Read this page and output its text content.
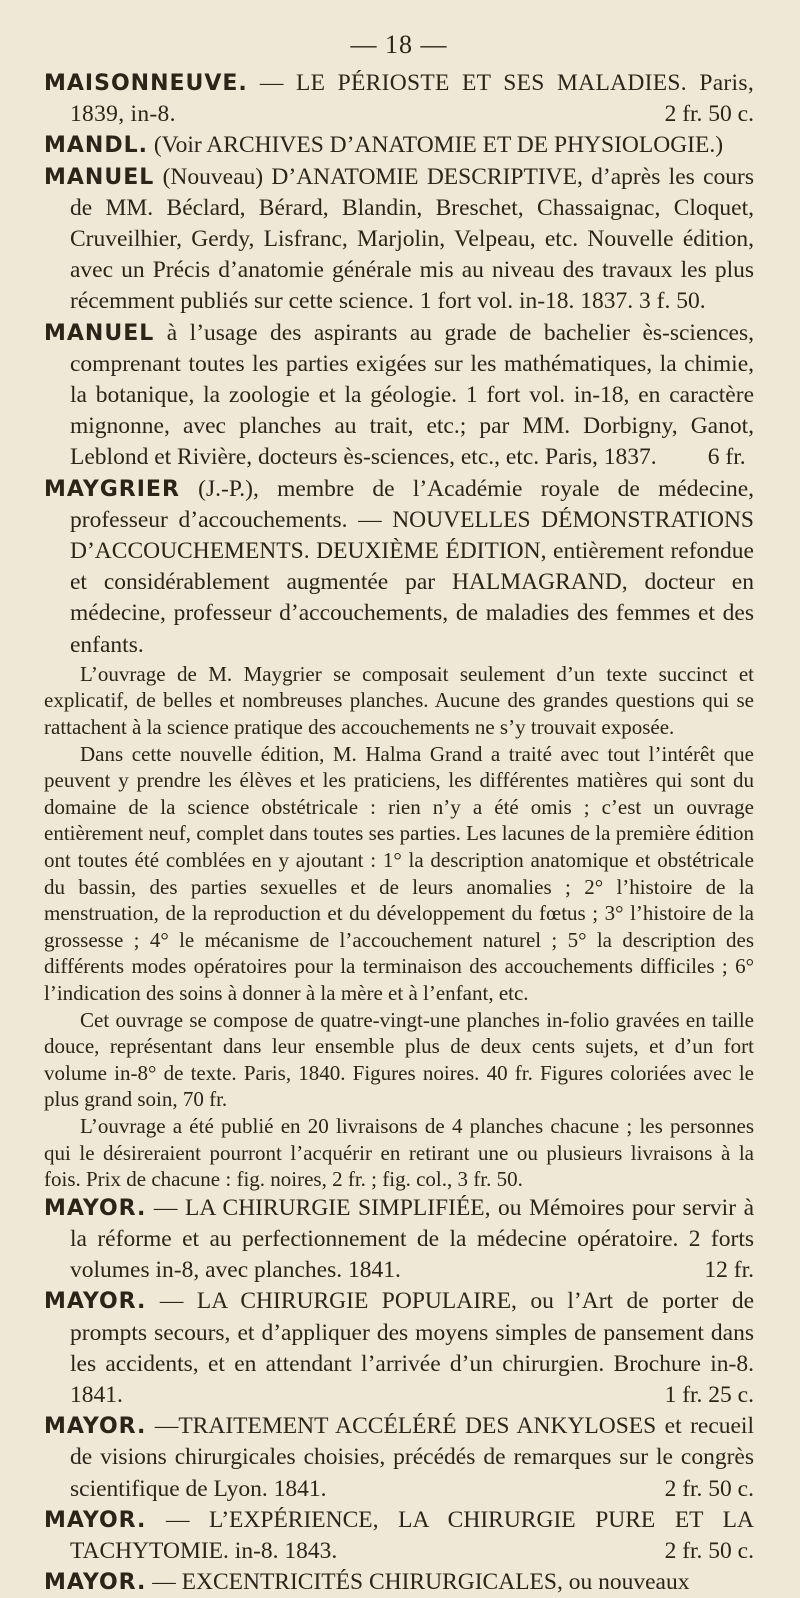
— 18 —

MAISONNEUVE. — LE PÉRIOSTE ET SES MALADIES. Paris, 1839, in-8.	2 fr. 50 c.

MANDL. (Voir ARCHIVES D’ANATOMIE ET DE PHYSIOLOGIE.)

MANUEL (Nouveau) D’ANATOMIE DESCRIPTIVE, d’après les cours de MM. Béclard, Bérard, Blandin, Breschet, Chassaignac, Cloquet, Cruveilhier, Gerdy, Lisfranc, Marjolin, Velpeau, etc. Nouvelle édition, avec un Précis d’anatomie générale mis au niveau des travaux les plus récemment publiés sur cette science. 1 fort vol. in-18. 1837. 3 f. 50.

MANUEL à l’usage des aspirants au grade de bachelier ès-sciences, comprenant toutes les parties exigées sur les mathématiques, la chimie, la botanique, la zoologie et la géologie. 1 fort vol. in-18, en caractère mignonne, avec planches au trait, etc.; par MM. Dorbigny, Ganot, Leblond et Rivière, docteurs ès-sciences, etc., etc. Paris, 1837. 6 fr.

MAYGRIER (J.-P.), membre de l’Académie royale de médecine, professeur d’accouchements. — NOUVELLES DÉMONSTRATIONS D’ACCOUCHEMENTS. DEUXIÈME ÉDITION, entièrement refondue et considérablement augmentée par HALMAGRAND, docteur en médecine, professeur d’accouchements, de maladies des femmes et des enfants.

L’ouvrage de M. Maygrier se composait seulement d’un texte succinct et explicatif, de belles et nombreuses planches. Aucune des grandes questions qui se rattachent à la science pratique des accouchements ne s’y trouvait exposée.

Dans cette nouvelle édition, M. Halma Grand a traité avec tout l’intérêt que peuvent y prendre les élèves et les praticiens, les différentes matières qui sont du domaine de la science obstétricale : rien n’y a été omis ; c’est un ouvrage entièrement neuf, complet dans toutes ses parties. Les lacunes de la première édition ont toutes été comblées en y ajoutant : 1° la description anatomique et obstétricale du bassin, des parties sexuelles et de leurs anomalies ; 2° l’histoire de la menstruation, de la reproduction et du développement du fœtus ; 3° l’histoire de la grossesse ; 4° le mécanisme de l’accouchement naturel ; 5° la description des différents modes opératoires pour la terminaison des accouchements difficiles ; 6° l’indication des soins à donner à la mère et à l’enfant, etc.

Cet ouvrage se compose de quatre-vingt-une planches in-folio gravées en taille douce, représentant dans leur ensemble plus de deux cents sujets, et d’un fort volume in-8° de texte. Paris, 1840. Figures noires. 40 fr. Figures coloriées avec le plus grand soin, 70 fr.

L’ouvrage a été publié en 20 livraisons de 4 planches chacune ; les personnes qui le désireraient pourront l’acquérir en retirant une ou plusieurs livraisons à la fois. Prix de chacune : fig. noires, 2 fr. ; fig. col., 3 fr. 50.

MAYOR. — LA CHIRURGIE SIMPLIFIÉE, ou Mémoires pour servir à la réforme et au perfectionnement de la médecine opératoire. 2 forts volumes in-8, avec planches. 1841.	12 fr.

MAYOR. — LA CHIRURGIE POPULAIRE, ou l’Art de porter de prompts secours, et d’appliquer des moyens simples de pansement dans les accidents, et en attendant l’arrivée d’un chirurgien. Brochure in-8. 1841.	1 fr. 25 c.

MAYOR. —TRAITEMENT ACCÉLÉRÉ DES ANKYLOSES et recueil de visions chirurgicales choisies, précédés de remarques sur le congrès scientifique de Lyon. 1841.	2 fr. 50 c.

MAYOR. — L’EXPÉRIENCE, LA CHIRURGIE PURE ET LA TACHYTOMIE. in-8. 1843.	2 fr. 50 c.

MAYOR. — EXCENTRICITÉS CHIRURGICALES, ou nouveaux
